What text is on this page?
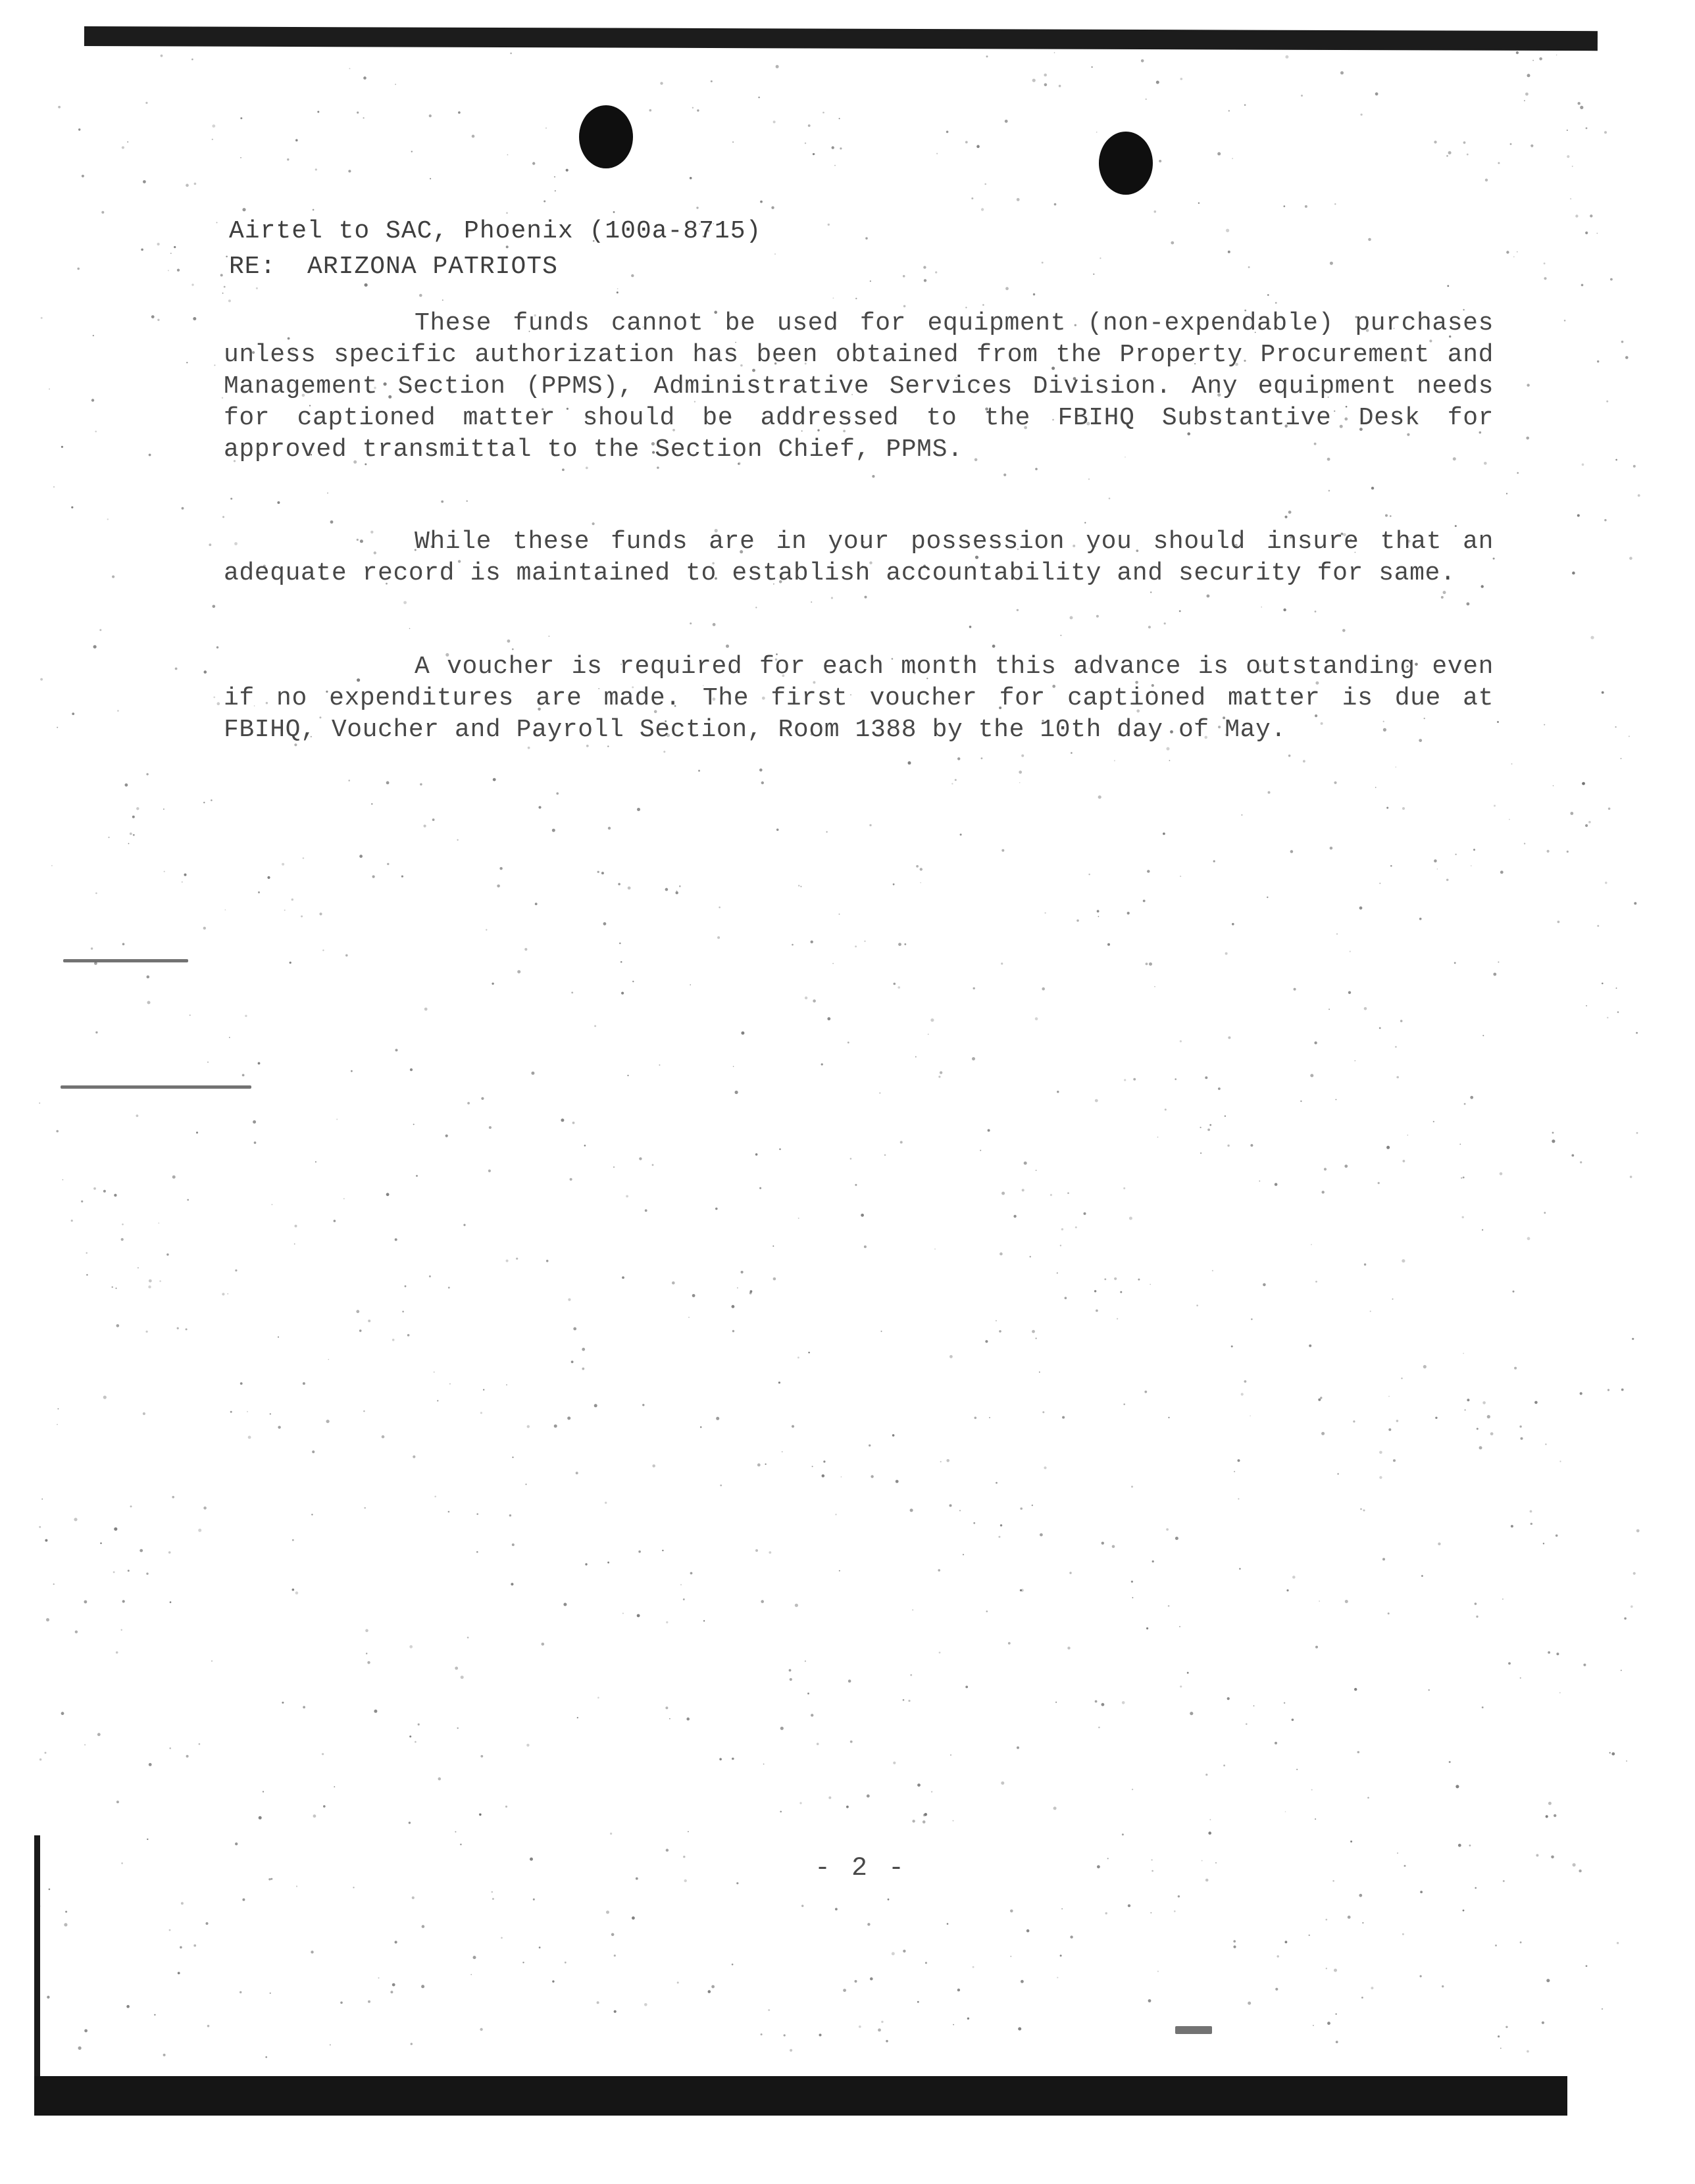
Airtel to SAC, Phoenix (100a-8715)
RE:  ARIZONA PATRIOTS
These funds cannot be used for equipment (non-expendable) purchases unless specific authorization has been obtained from the Property Procurement and Management Section (PPMS), Administrative Services Division. Any equipment needs for captioned matter should be addressed to the FBIHQ Substantive Desk for approved transmittal to the Section Chief, PPMS.
While these funds are in your possession you should insure that an adequate record is maintained to establish accountability and security for same.
A voucher is required for each month this advance is outstanding even if no expenditures are made. The first voucher for captioned matter is due at FBIHQ, Voucher and Payroll Section, Room 1388 by the 10th day of May.
- 2 -
